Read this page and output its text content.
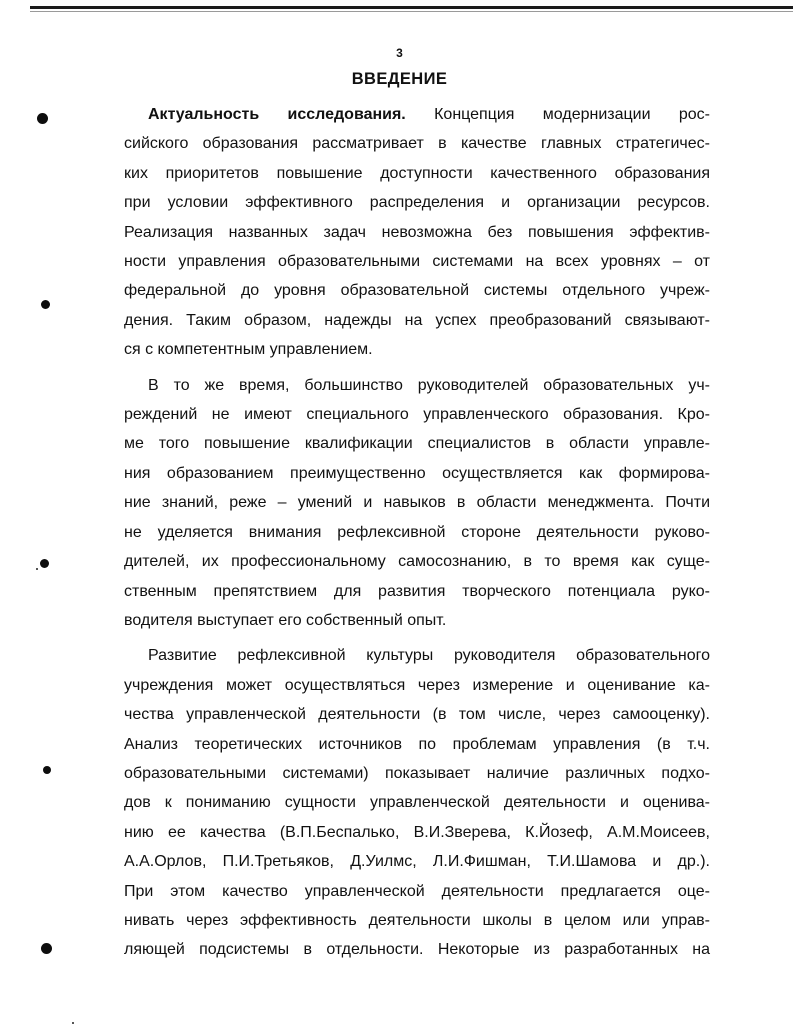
3
ВВЕДЕНИЕ

Актуальность исследования. Концепция модернизации рос-
сийского образования рассматривает в качестве главных стратегичес-
ких приоритетов повышение доступности качественного образования
при условии эффективного распределения и организации ресурсов.
Реализация названных задач невозможна без повышения эффектив-
ности управления образовательными системами на всех уровнях – от
федеральной до уровня образовательной системы отдельного учреж-
дения. Таким образом, надежды на успех преобразований связывают-
ся с компетентным управлением.

В то же время, большинство руководителей образовательных уч-
реждений не имеют специального управленческого образования. Кро-
ме того повышение квалификации специалистов в области управле-
ния образованием преимущественно осуществляется как формирова-
ние знаний, реже – умений и навыков в области менеджмента. Почти
не уделяется внимания рефлексивной стороне деятельности руково-
дителей, их профессиональному самосознанию, в то время как суще-
ственным препятствием для развития творческого потенциала руко-
водителя выступает его собственный опыт.

Развитие рефлексивной культуры руководителя образовательного
учреждения может осуществляться через измерение и оценивание ка-
чества управленческой деятельности (в том числе, через самооценку).
Анализ теоретических источников по проблемам управления (в т.ч.
образовательными системами) показывает наличие различных подхо-
дов к пониманию сущности управленческой деятельности и оценива-
нию ее качества (В.П.Беспалько, В.И.Зверева, К.Йозеф, А.М.Моисеев,
А.А.Орлов, П.И.Третьяков, Д.Уилмс, Л.И.Фишман, Т.И.Шамова и др.).
При этом качество управленческой деятельности предлагается оце-
нивать через эффективность деятельности школы в целом или управ-
ляющей подсистемы в отдельности. Некоторые из разработанных на
